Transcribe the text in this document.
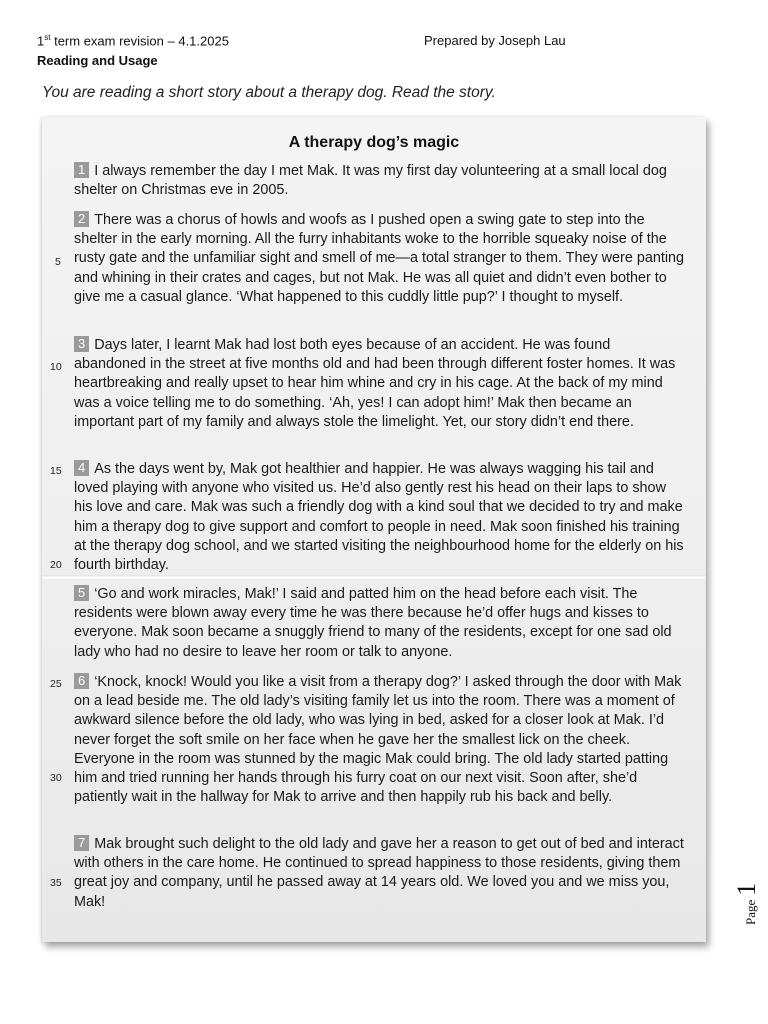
1st term exam revision – 4.1.2025	Prepared by Joseph Lau
Reading and Usage
You are reading a short story about a therapy dog. Read the story.
A therapy dog’s magic
1 I always remember the day I met Mak. It was my first day volunteering at a small local dog shelter on Christmas eve in 2005.
2 There was a chorus of howls and woofs as I pushed open a swing gate to step into the shelter in the early morning. All the furry inhabitants woke to the horrible squeaky noise of the rusty gate and the unfamiliar sight and smell of me—a total stranger to them. They were panting and whining in their crates and cages, but not Mak. He was all quiet and didn’t even bother to give me a casual glance. ‘What happened to this cuddly little pup?’ I thought to myself.
3 Days later, I learnt Mak had lost both eyes because of an accident. He was found abandoned in the street at five months old and had been through different foster homes. It was heartbreaking and really upset to hear him whine and cry in his cage. At the back of my mind was a voice telling me to do something. ‘Ah, yes! I can adopt him!’ Mak then became an important part of my family and always stole the limelight. Yet, our story didn’t end there.
4 As the days went by, Mak got healthier and happier. He was always wagging his tail and loved playing with anyone who visited us. He’d also gently rest his head on their laps to show his love and care. Mak was such a friendly dog with a kind soul that we decided to try and make him a therapy dog to give support and comfort to people in need. Mak soon finished his training at the therapy dog school, and we started visiting the neighbourhood home for the elderly on his fourth birthday.
5 ‘Go and work miracles, Mak!’ I said and patted him on the head before each visit. The residents were blown away every time he was there because he’d offer hugs and kisses to everyone. Mak soon became a snuggly friend to many of the residents, except for one sad old lady who had no desire to leave her room or talk to anyone.
6 ‘Knock, knock! Would you like a visit from a therapy dog?’ I asked through the door with Mak on a lead beside me. The old lady’s visiting family let us into the room. There was a moment of awkward silence before the old lady, who was lying in bed, asked for a closer look at Mak. I’d never forget the soft smile on her face when he gave her the smallest lick on the cheek. Everyone in the room was stunned by the magic Mak could bring. The old lady started patting him and tried running her hands through his furry coat on our next visit. Soon after, she’d patiently wait in the hallway for Mak to arrive and then happily rub his back and belly.
7 Mak brought such delight to the old lady and gave her a reason to get out of bed and interact with others in the care home. He continued to spread happiness to those residents, giving them great joy and company, until he passed away at 14 years old. We loved you and we miss you, Mak!
5
10
15
20
25
30
35
Page1
